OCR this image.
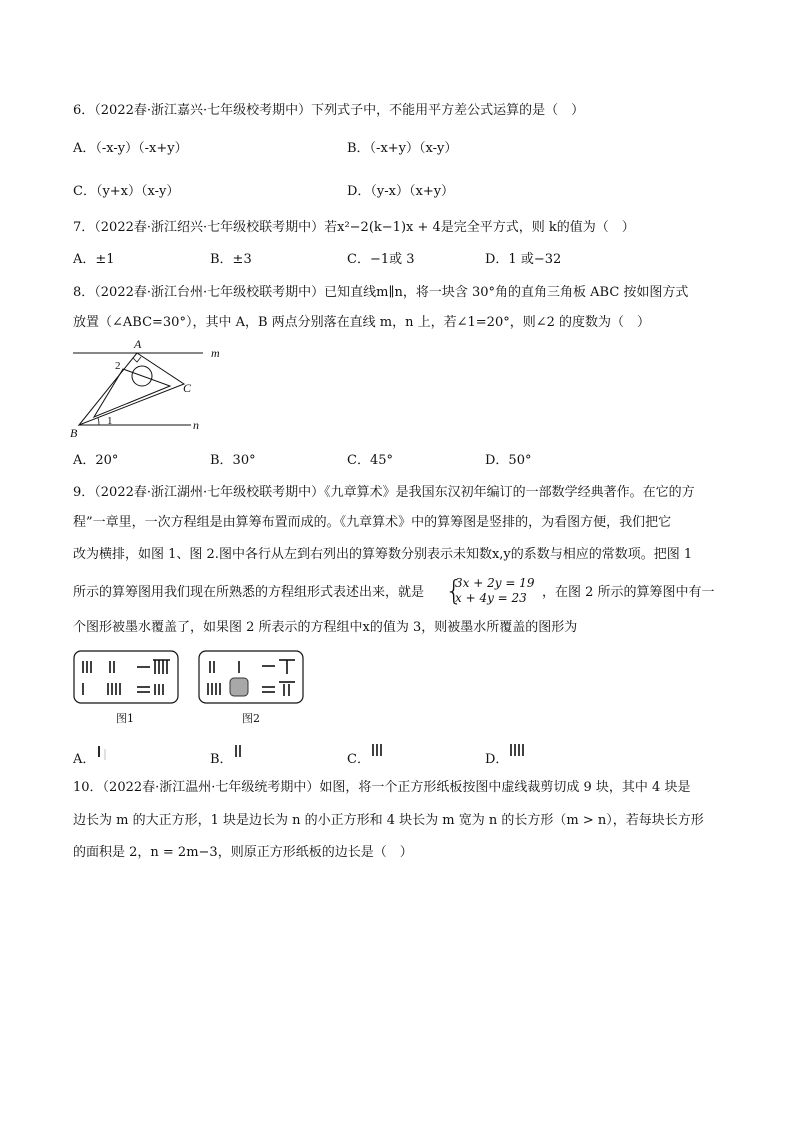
6．（2022春·浙江嘉兴·七年级校考期中）下列式子中，不能用平方差公式运算的是（　）
A．（-x-y）（-x+y）	B．（-x+y）（x-y）
C．（y+x）（x-y）	D．（y-x）（x+y）
7．（2022春·浙江绍兴·七年级校联考期中）若x²−2(k−1)x + 4是完全平方式，则 k的值为（　）
A．±1	B．±3	C．−1或 3	D．1 或−32
8．（2022春·浙江台州·七年级校联考期中）已知直线m∥n，将一块含 30°角的直角三角板 ABC 按如图方式
放置（∠ABC=30°），其中 A，B 两点分别落在直线 m，n 上，若∠1=20°，则∠2 的度数为（　）
A
B
C
m
n
1
2
A．20°	B．30°	C．45°	D．50°
9．（2022春·浙江湖州·七年级校联考期中）《九章算术》是我国东汉初年编订的一部数学经典著作。在它的方
程”一章里，一次方程组是由算筹布置而成的。《九章算术》中的算筹图是竖排的，为看图方便，我们把它
改为横排，如图 1、图 2.图中各行从左到右列出的算筹数分别表示未知数x,y的系数与相应的常数项。把图 1
所示的算筹图用我们现在所熟悉的方程组形式表述出来，就是 {
3x + 2y = 19
x + 4y = 23 ，在图 2 所示的算筹图中有一
个图形被墨水覆盖了，如果图 2 所表示的方程组中x的值为 3，则被墨水所覆盖的图形为
图1	图2
A．	B．	C．	D．
10．（2022春·浙江温州·七年级统考期中）如图，将一个正方形纸板按图中虚线裁剪切成 9 块，其中 4 块是
边长为 m 的大正方形，1 块是边长为 n 的小正方形和 4 块长为 m 宽为 n 的长方形（m > n），若每块长方形
的面积是 2，n = 2m−3，则原正方形纸板的边长是（　）
